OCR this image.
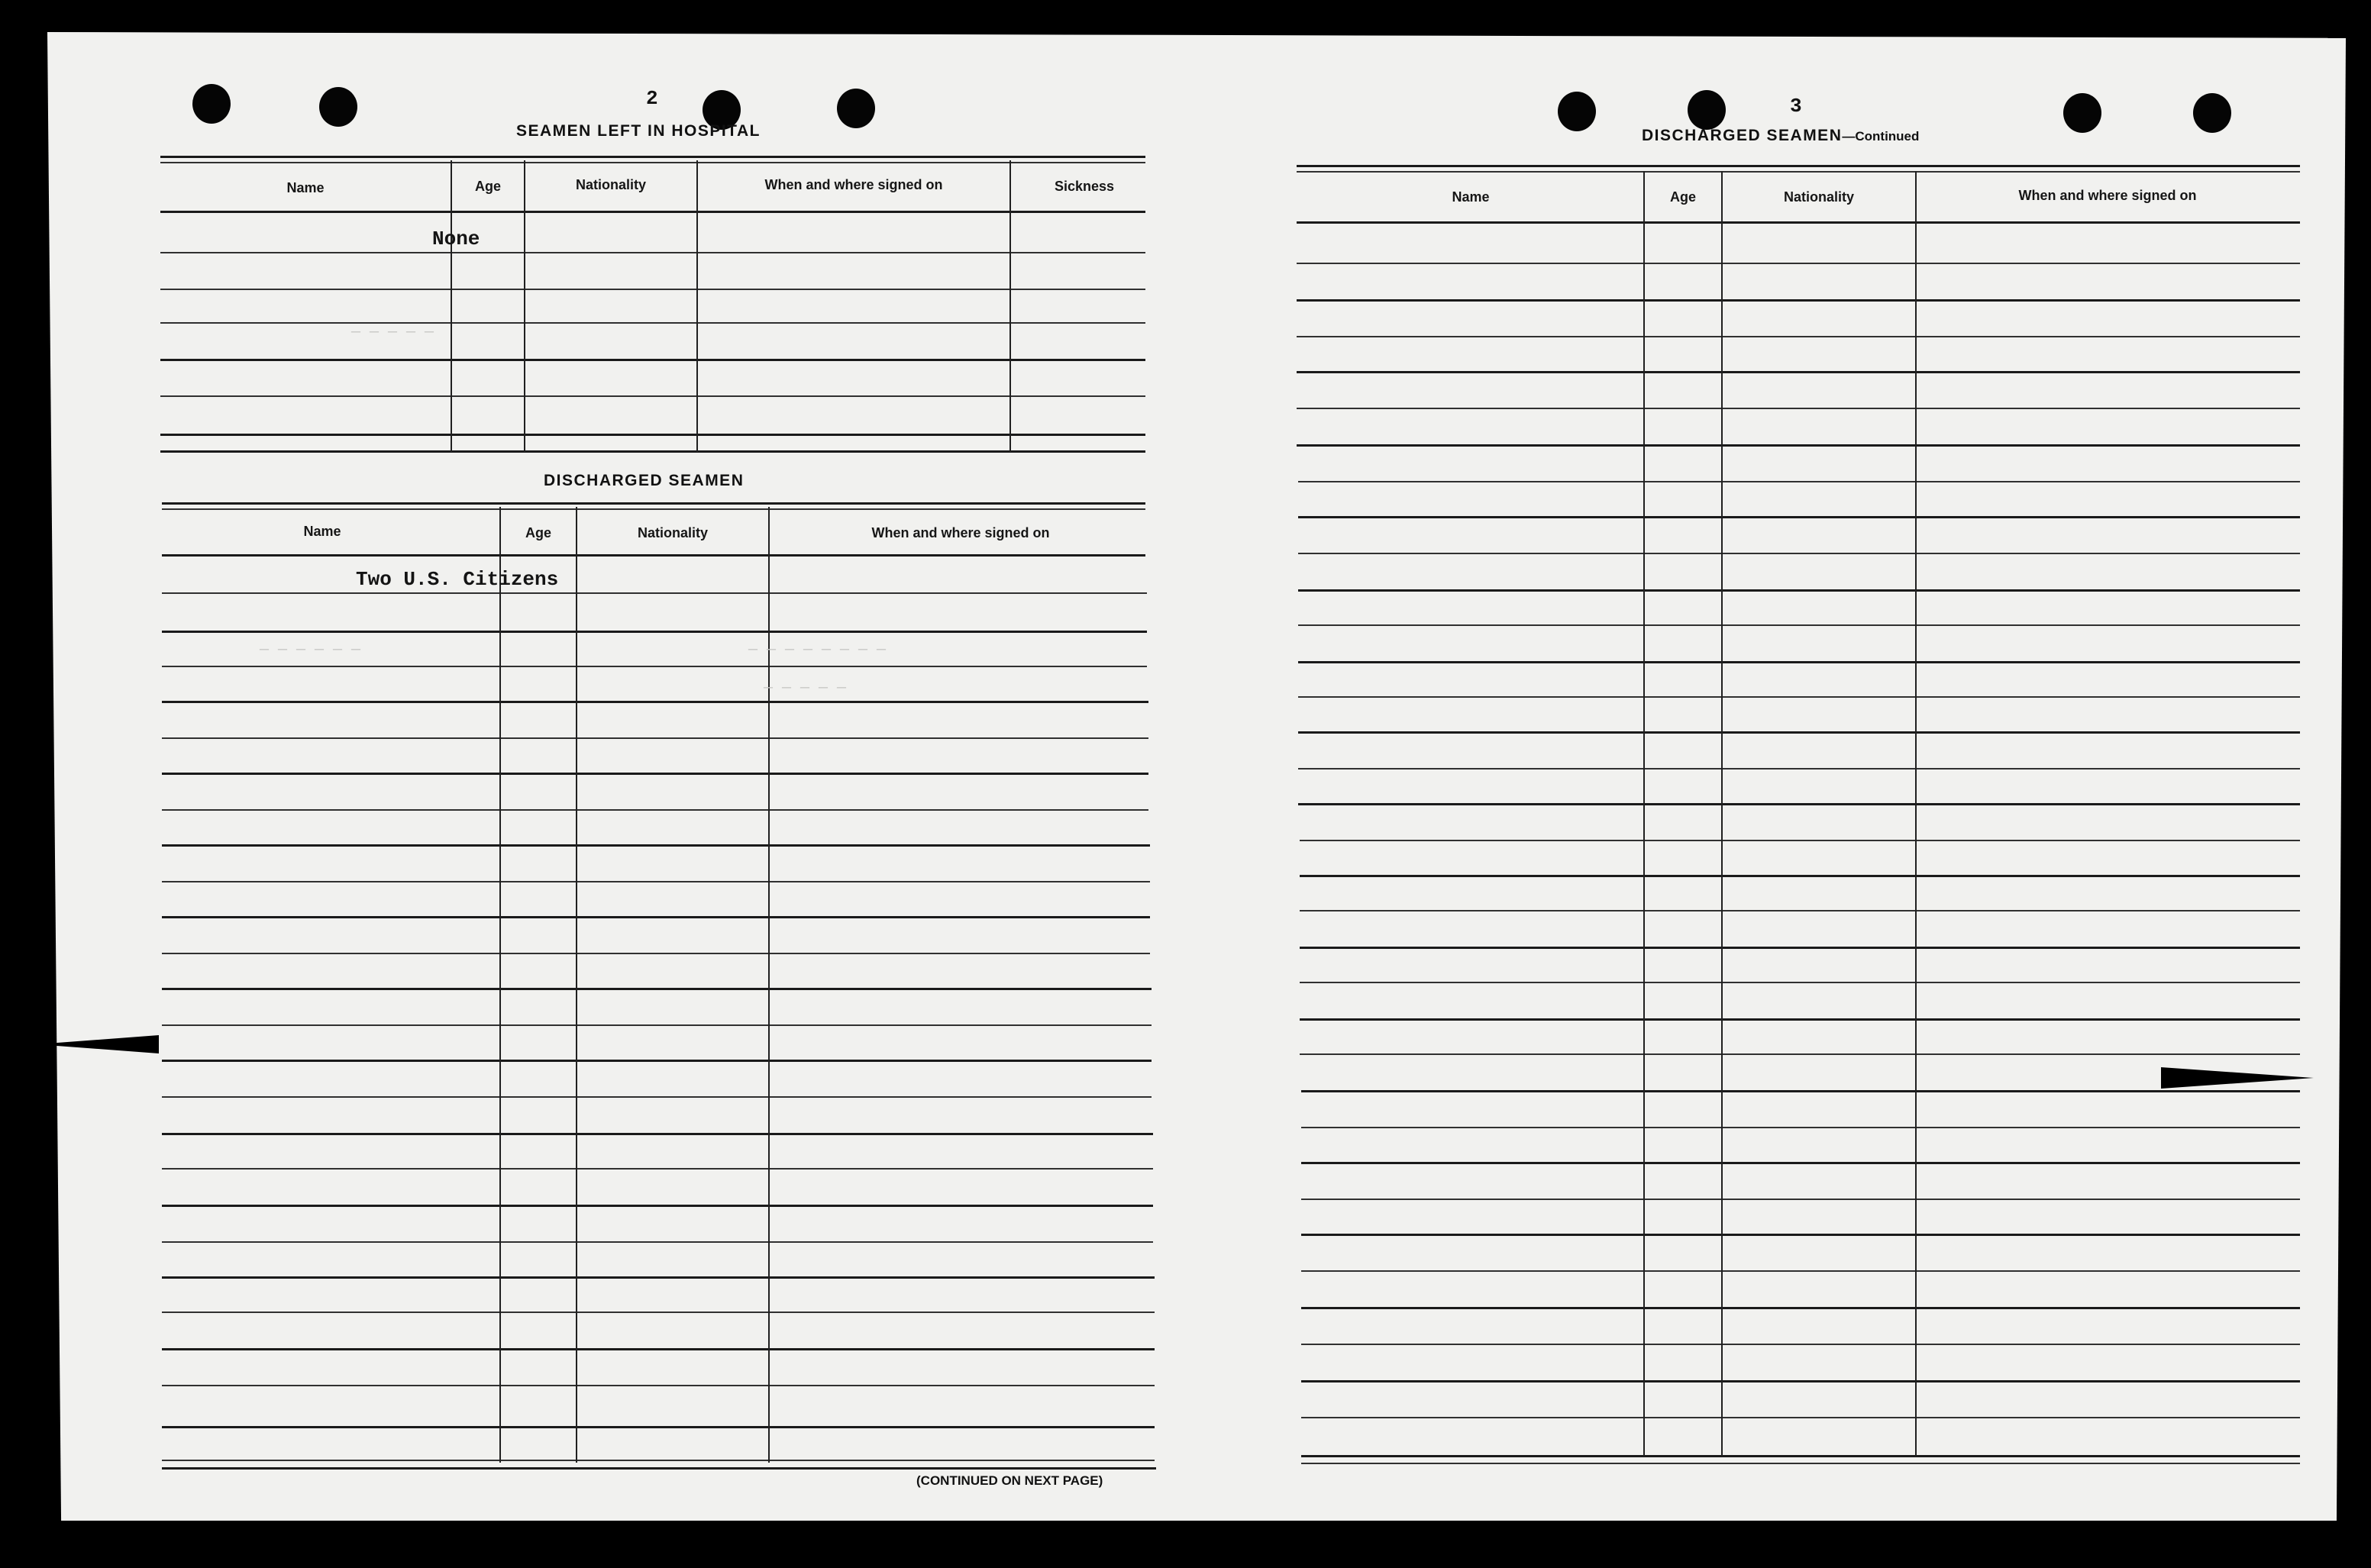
2
SEAMEN LEFT IN HOSPITAL
Name	Age	Nationality	When and where signed on	Sickness
None
DISCHARGED SEAMEN
Name	Age	Nationality	When and where signed on
Two U.S. Citizens
(CONTINUED ON NEXT PAGE)
— — — — —
— — — — — —	— — — — — — — —
— — — — —
3
DISCHARGED SEAMEN—Continued
Name	Age	Nationality	When and where signed on
